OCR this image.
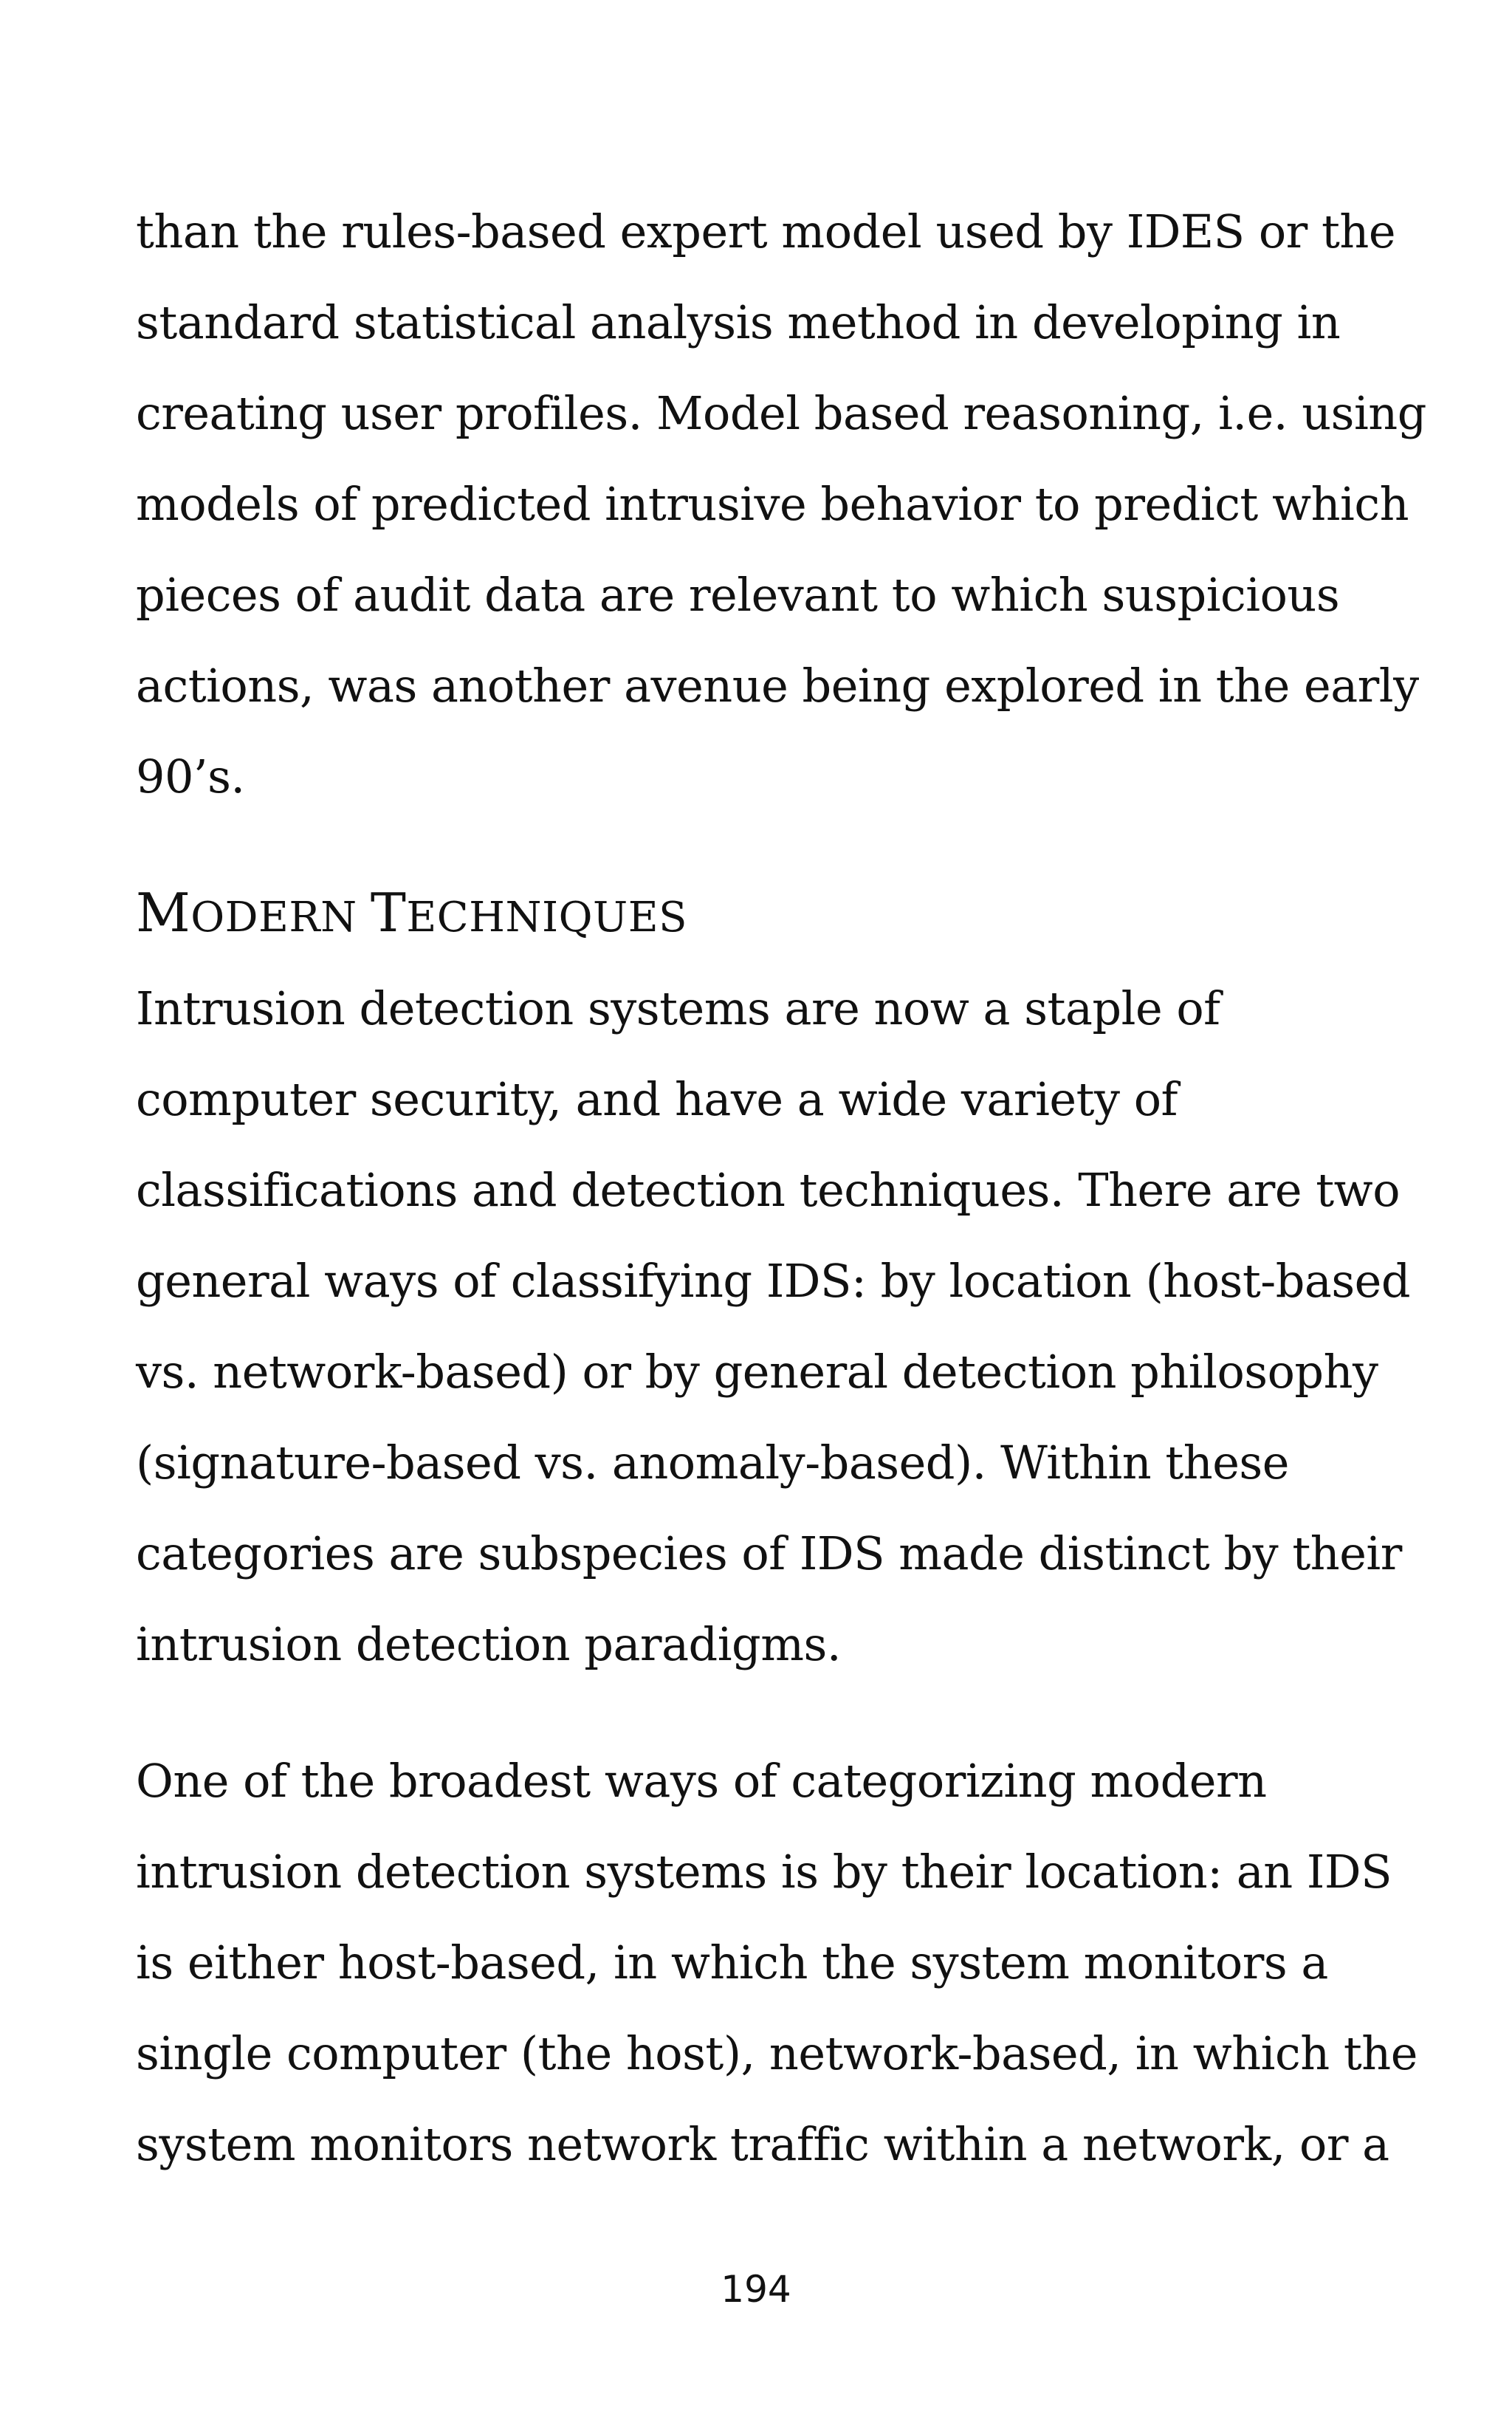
than the rules-based expert model used by IDES or the
standard statistical analysis method in developing in
creating user profiles. Model based reasoning, i.e. using
models of predicted intrusive behavior to predict which
pieces of audit data are relevant to which suspicious
actions, was another avenue being explored in the early
90’s.
MODERN TECHNIQUES
Intrusion detection systems are now a staple of
computer security, and have a wide variety of
classifications and detection techniques. There are two
general ways of classifying IDS: by location (host-based
vs. network-based) or by general detection philosophy
(signature-based vs. anomaly-based). Within these
categories are subspecies of IDS made distinct by their
intrusion detection paradigms.
One of the broadest ways of categorizing modern
intrusion detection systems is by their location: an IDS
is either host-based, in which the system monitors a
single computer (the host), network-based, in which the
system monitors network traffic within a network, or a
194
